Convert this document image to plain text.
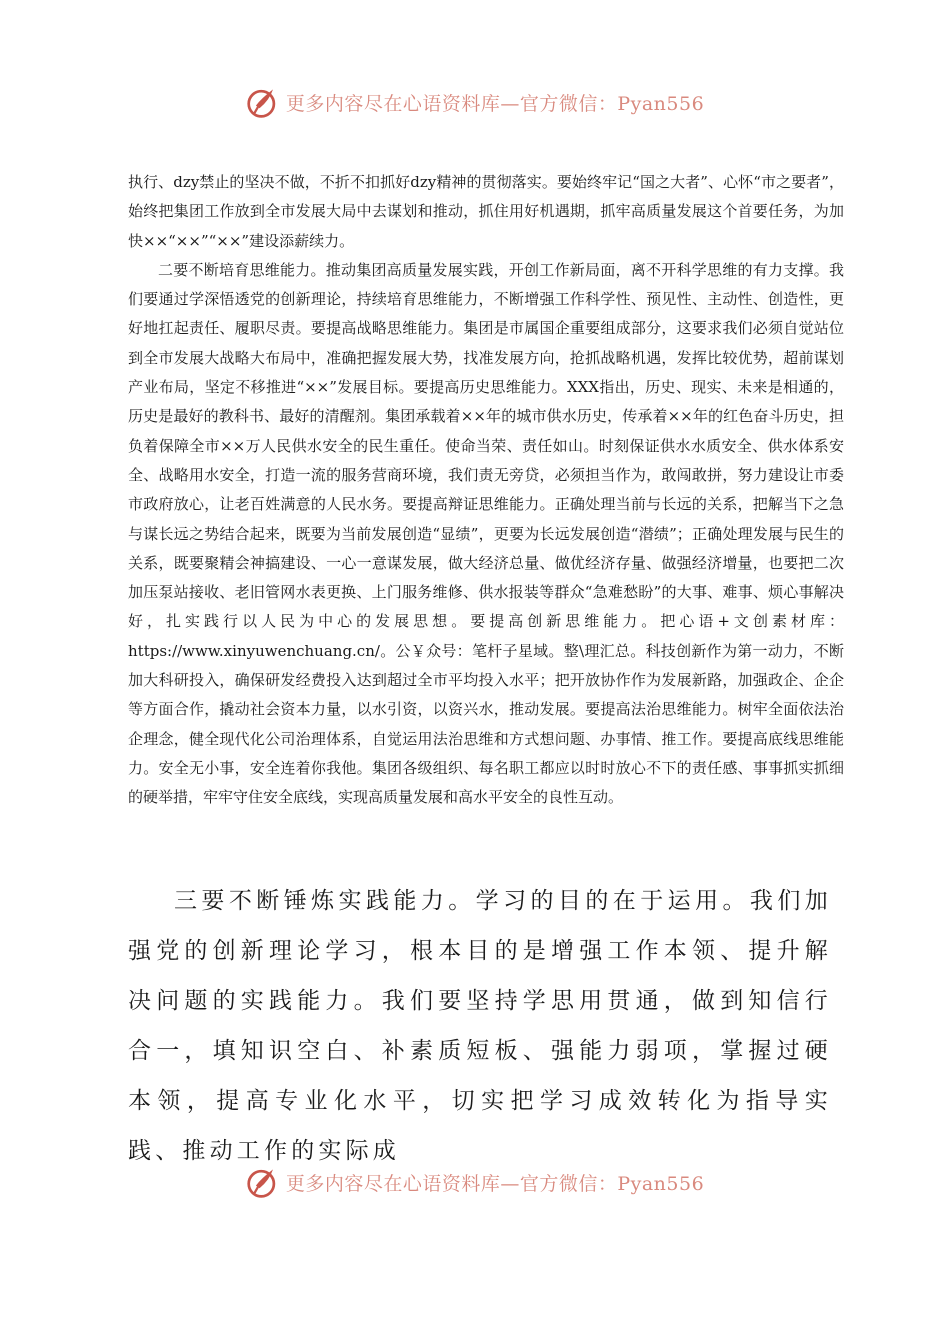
更多内容尽在心语资料库—官方微信：Pyan556

执行、dzy禁止的坚决不做，不折不扣抓好dzy精神的贯彻落实。要始终牢记“国之大者”、心怀“市之要者”，始终把集团工作放到全市发展大局中去谋划和推动，抓住用好机遇期，抓牢高质量发展这个首要任务，为加快××“××”“××”建设添薪续力。

二要不断培育思维能力。推动集团高质量发展实践，开创工作新局面，离不开科学思维的有力支撑。我们要通过学深悟透党的创新理论，持续培育思维能力，不断增强工作科学性、预见性、主动性、创造性，更好地扛起责任、履职尽责。要提高战略思维能力。集团是市属国企重要组成部分，这要求我们必须自觉站位到全市发展大战略大布局中，准确把握发展大势，找准发展方向，抢抓战略机遇，发挥比较优势，超前谋划产业布局，坚定不移推进“××”发展目标。要提高历史思维能力。XXX指出，历史、现实、未来是相通的，历史是最好的教科书、最好的清醒剂。集团承载着××年的城市供水历史，传承着××年的红色奋斗历史，担负着保障全市××万人民供水安全的民生重任。使命当荣、责任如山。时刻保证供水水质安全、供水体系安全、战略用水安全，打造一流的服务营商环境，我们责无旁贷，必须担当作为，敢闯敢拼，努力建设让市委市政府放心，让老百姓满意的人民水务。要提高辩证思维能力。正确处理当前与长远的关系，把解当下之急与谋长远之势结合起来，既要为当前发展创造“显绩”，更要为长远发展创造“潜绩”；正确处理发展与民生的关系，既要聚精会神搞建设、一心一意谋发展，做大经济总量、做优经济存量、做强经济增量，也要把二次加压泵站接收、老旧管网水表更换、上门服务维修、供水报装等群众“急难愁盼”的大事、难事、烦心事解决好，扎实践行以人民为中心的发展思想。要提高创新思维能力。把心语+文创素材库：https://www.xinyuwenchuang.cn/。公￥众号：笔杆子星域。整\理汇总。科技创新作为第一动力，不断加大科研投入，确保研发经费投入达到超过全市平均投入水平；把开放协作作为发展新路，加强政企、企企等方面合作，撬动社会资本力量，以水引资，以资兴水，推动发展。要提高法治思维能力。树牢全面依法治企理念，健全现代化公司治理体系，自觉运用法治思维和方式想问题、办事情、推工作。要提高底线思维能力。安全无小事，安全连着你我他。集团各级组织、每名职工都应以时时放心不下的责任感、事事抓实抓细的硬举措，牢牢守住安全底线，实现高质量发展和高水平安全的良性互动。

三要不断锤炼实践能力。学习的目的在于运用。我们加强党的创新理论学习，根本目的是增强工作本领、提升解决问题的实践能力。我们要坚持学思用贯通，做到知信行合一，填知识空白、补素质短板、强能力弱项，掌握过硬本领，提高专业化水平，切实把学习成效转化为指导实践、推动工作的实际成

更多内容尽在心语资料库—官方微信：Pyan556
